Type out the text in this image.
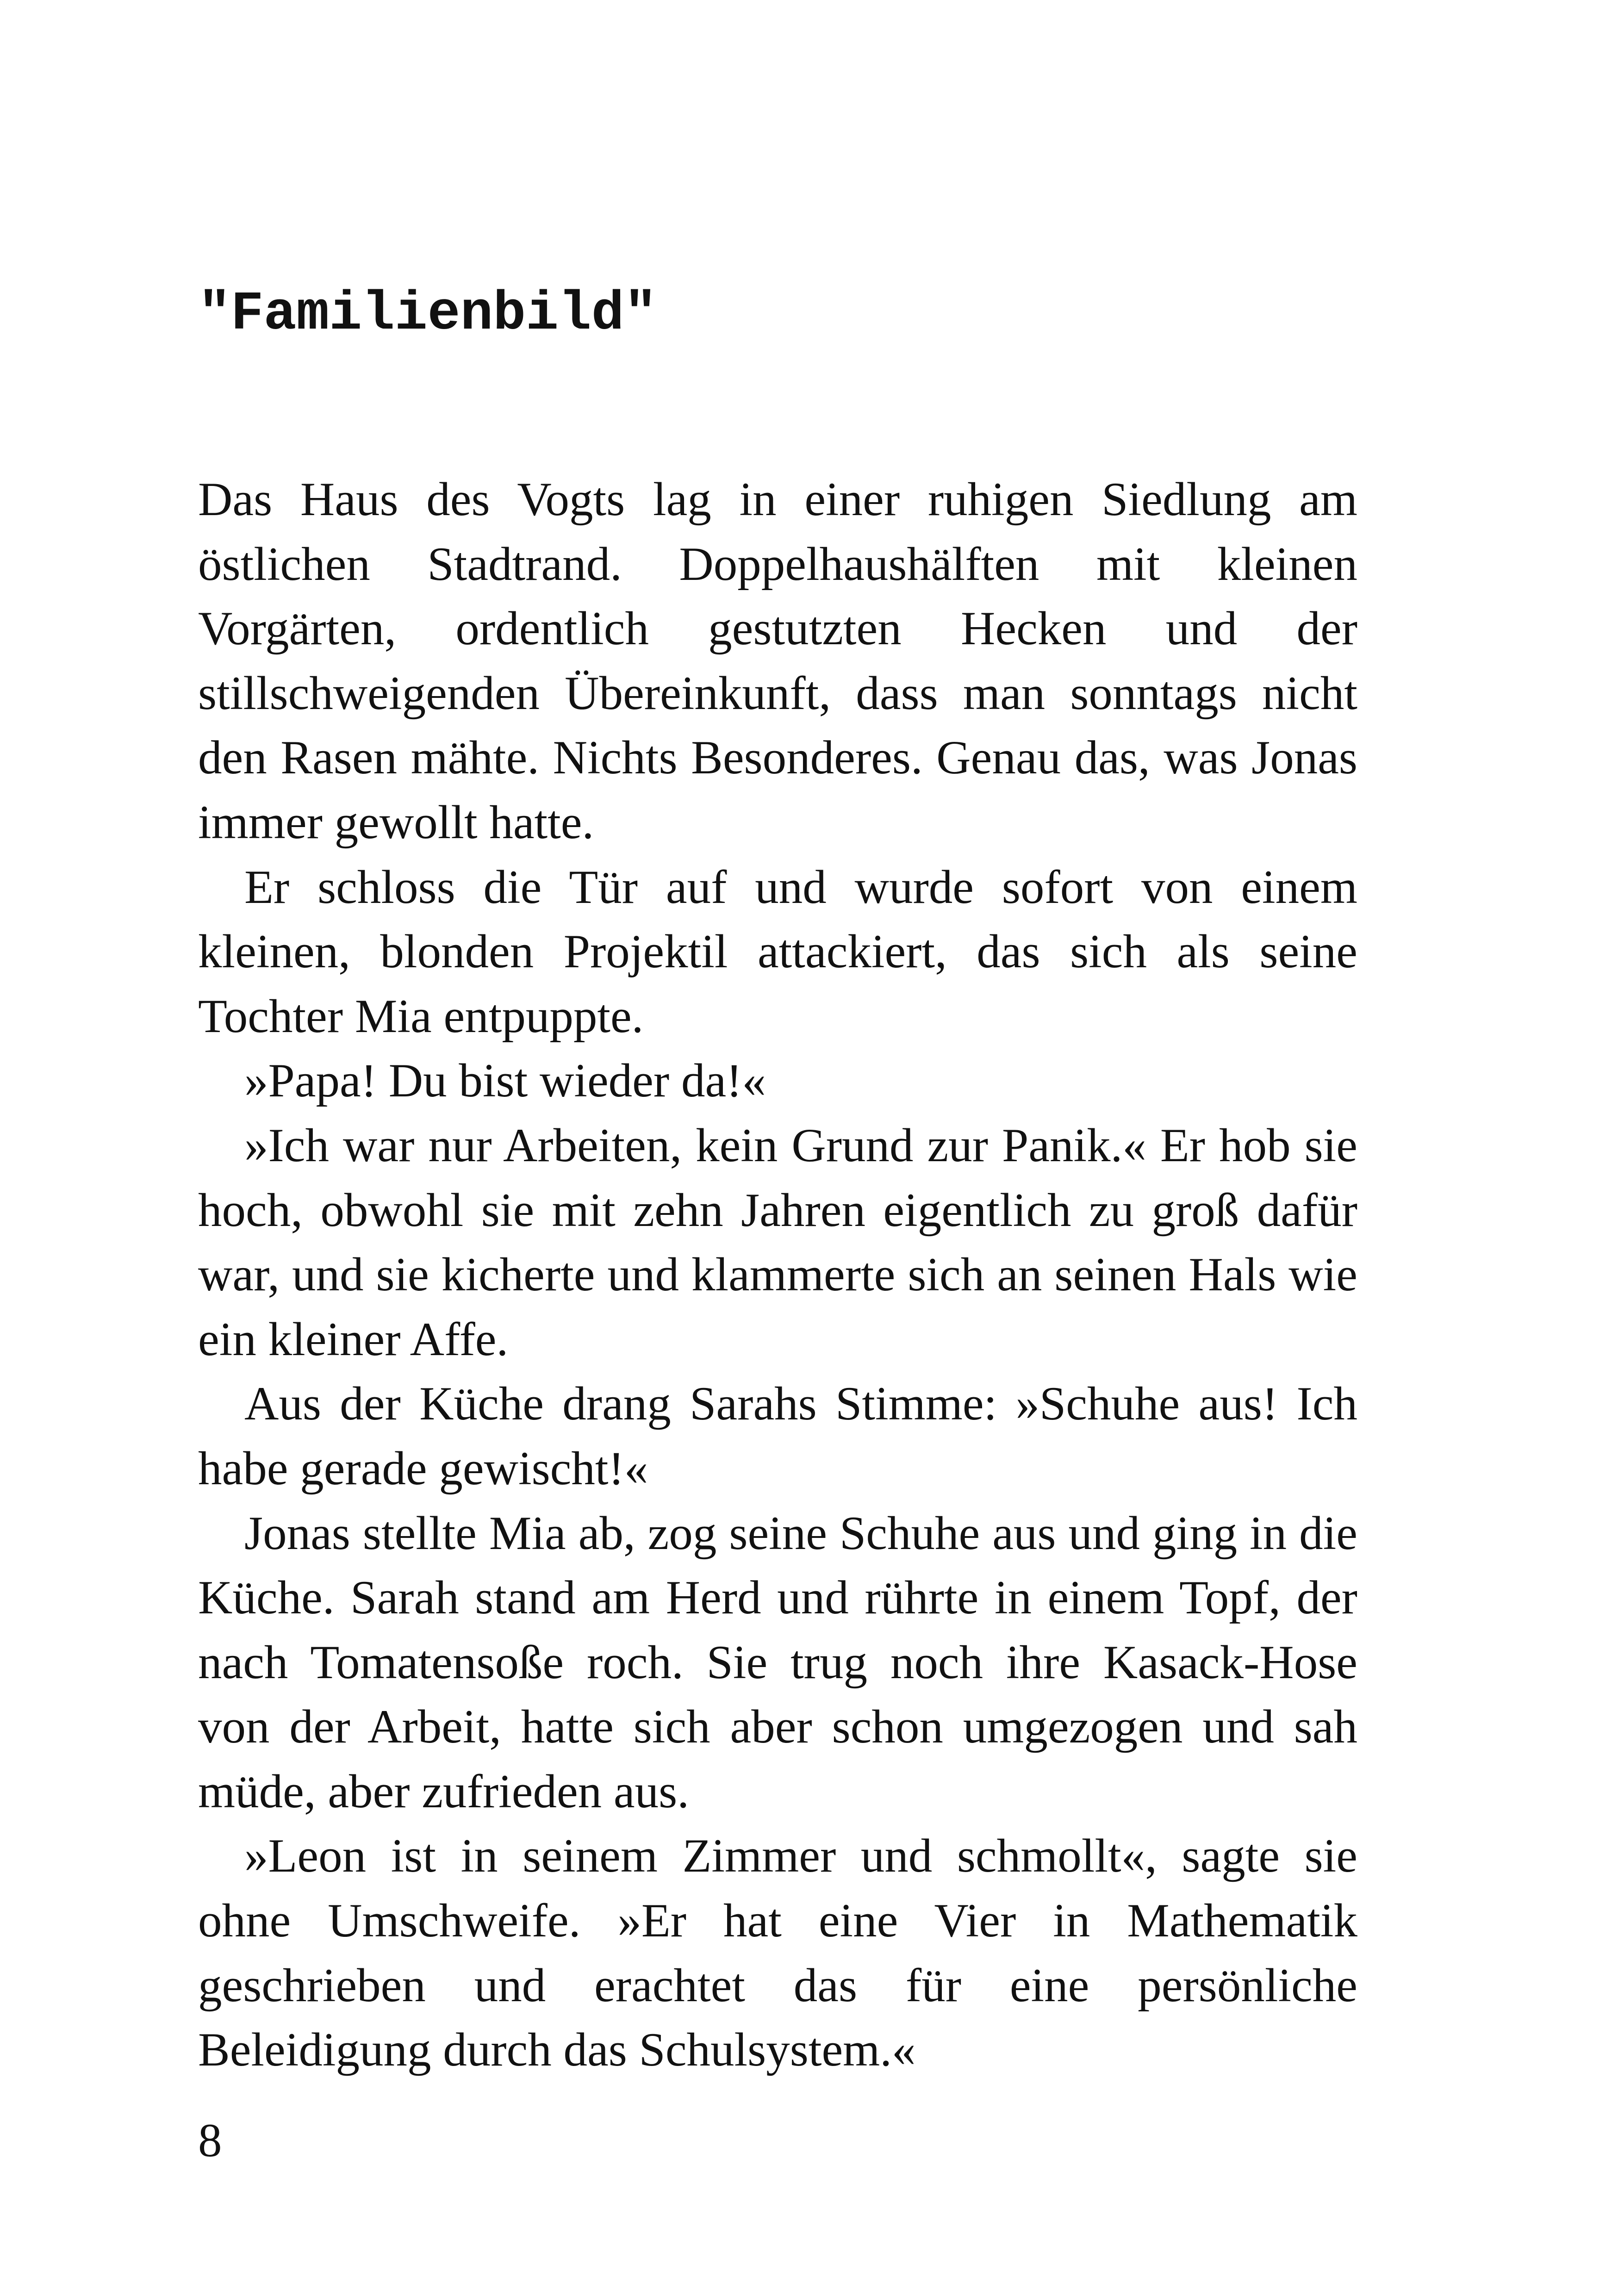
"Familienbild"

Das Haus des Vogts lag in einer ruhigen Siedlung am östlichen Stadtrand. Doppelhaushälften mit kleinen Vorgärten, ordentlich gestutzten Hecken und der stillschweigenden Übereinkunft, dass man sonntags nicht den Rasen mähte. Nichts Besonderes. Genau das, was Jonas immer gewollt hatte.

Er schloss die Tür auf und wurde sofort von einem kleinen, blonden Projektil attackiert, das sich als seine Tochter Mia entpuppte.

»Papa! Du bist wieder da!«

»Ich war nur Arbeiten, kein Grund zur Panik.« Er hob sie hoch, obwohl sie mit zehn Jahren eigentlich zu groß dafür war, und sie kicherte und klammerte sich an seinen Hals wie ein kleiner Affe.

Aus der Küche drang Sarahs Stimme: »Schuhe aus! Ich habe gerade gewischt!«

Jonas stellte Mia ab, zog seine Schuhe aus und ging in die Küche. Sarah stand am Herd und rührte in einem Topf, der nach Tomatensoße roch. Sie trug noch ihre Kasack-Hose von der Arbeit, hatte sich aber schon umgezogen und sah müde, aber zufrieden aus.

»Leon ist in seinem Zimmer und schmollt«, sagte sie ohne Umschweife. »Er hat eine Vier in Mathematik geschrieben und erachtet das für eine persönliche Beleidigung durch das Schulsystem.«

8
